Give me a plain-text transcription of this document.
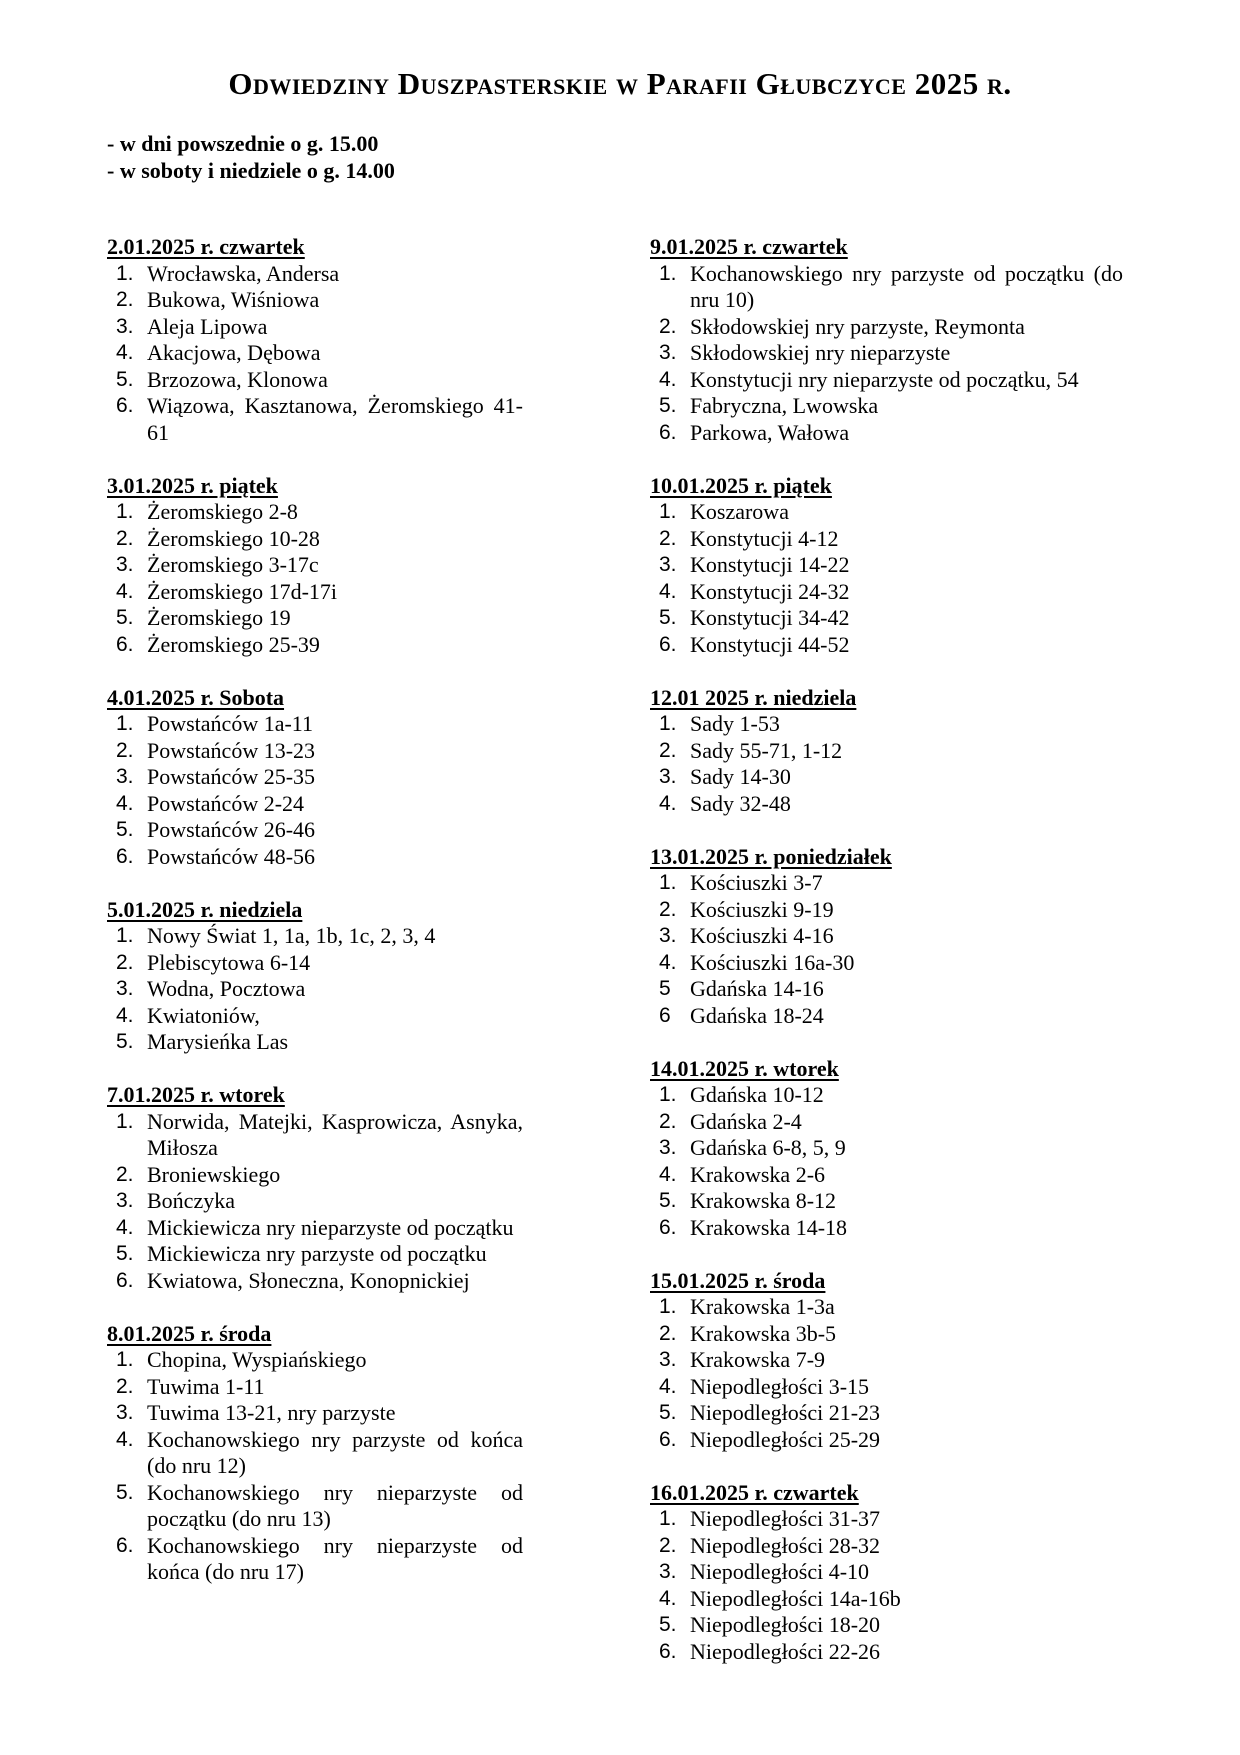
Odwiedziny Duszpasterskie w Parafii Głubczyce 2025 r.
- w dni powszednie o g. 15.00
- w soboty i niedziele o g. 14.00
2.01.2025 r. czwartek
1. Wrocławska, Andersa
2. Bukowa, Wiśniowa
3. Aleja Lipowa
4. Akacjowa, Dębowa
5. Brzozowa, Klonowa
6. Wiązowa, Kasztanowa, Żeromskiego 41-61
3.01.2025 r. piątek
1. Żeromskiego 2-8
2. Żeromskiego 10-28
3. Żeromskiego 3-17c
4. Żeromskiego 17d-17i
5. Żeromskiego 19
6. Żeromskiego 25-39
4.01.2025 r. Sobota
1. Powstańców 1a-11
2. Powstańców 13-23
3. Powstańców 25-35
4. Powstańców 2-24
5. Powstańców 26-46
6. Powstańców 48-56
5.01.2025 r. niedziela
1. Nowy Świat 1, 1a, 1b, 1c, 2, 3, 4
2. Plebiscytowa 6-14
3. Wodna, Pocztowa
4. Kwiatoniów,
5. Marysieńka Las
7.01.2025 r. wtorek
1. Norwida, Matejki, Kasprowicza, Asnyka, Miłosza
2. Broniewskiego
3. Bończyka
4. Mickiewicza nry nieparzyste od początku
5. Mickiewicza nry parzyste od początku
6. Kwiatowa, Słoneczna, Konopnickiej
8.01.2025 r. środa
1. Chopina, Wyspiańskiego
2. Tuwima 1-11
3. Tuwima 13-21, nry parzyste
4. Kochanowskiego nry parzyste od końca (do nru 12)
5. Kochanowskiego nry nieparzyste od początku (do nru 13)
6. Kochanowskiego nry nieparzyste od końca (do nru 17)
9.01.2025 r. czwartek
1. Kochanowskiego nry parzyste od początku (do nru 10)
2. Skłodowskiej nry parzyste, Reymonta
3. Skłodowskiej nry nieparzyste
4. Konstytucji nry nieparzyste od początku, 54
5. Fabryczna, Lwowska
6. Parkowa, Wałowa
10.01.2025 r. piątek
1. Koszarowa
2. Konstytucji 4-12
3. Konstytucji 14-22
4. Konstytucji 24-32
5. Konstytucji 34-42
6. Konstytucji 44-52
12.01 2025 r. niedziela
1. Sady 1-53
2. Sady 55-71, 1-12
3. Sady 14-30
4. Sady 32-48
13.01.2025 r. poniedziałek
1. Kościuszki 3-7
2. Kościuszki 9-19
3. Kościuszki 4-16
4. Kościuszki 16a-30
5 Gdańska 14-16
6 Gdańska 18-24
14.01.2025 r. wtorek
1. Gdańska 10-12
2. Gdańska 2-4
3. Gdańska 6-8, 5, 9
4. Krakowska 2-6
5. Krakowska 8-12
6. Krakowska 14-18
15.01.2025 r. środa
1. Krakowska 1-3a
2. Krakowska 3b-5
3. Krakowska 7-9
4. Niepodległości 3-15
5. Niepodległości 21-23
6. Niepodległości 25-29
16.01.2025 r. czwartek
1. Niepodległości 31-37
2. Niepodległości 28-32
3. Niepodległości 4-10
4. Niepodległości 14a-16b
5. Niepodległości 18-20
6. Niepodległości 22-26
